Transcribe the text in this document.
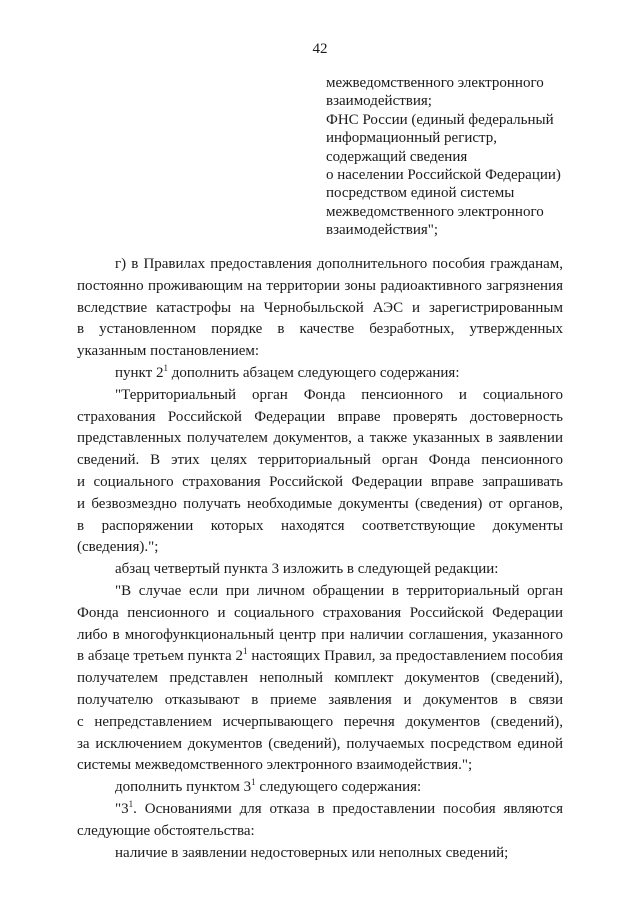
42
межведомственного электронного
взаимодействия;
ФНС России (единый федеральный
информационный регистр,
содержащий сведения
о населении Российской Федерации)
посредством единой системы
межведомственного электронного
взаимодействия";
г) в Правилах предоставления дополнительного пособия гражданам,
постоянно проживающим на территории зоны радиоактивного загрязнения
вследствие катастрофы на Чернобыльской АЭС и зарегистрированным
в установленном порядке в качестве безработных, утвержденных
указанным постановлением:
пункт $2^1$ дополнить абзацем следующего содержания:
"Территориальный орган Фонда пенсионного и социального
страхования Российской Федерации вправе проверять достоверность
представленных получателем документов, а также указанных в заявлении
сведений. В этих целях территориальный орган Фонда пенсионного
и социального страхования Российской Федерации вправе запрашивать
и безвозмездно получать необходимые документы (сведения) от органов,
в распоряжении которых находятся соответствующие документы
(сведения).";
абзац четвертый пункта 3 изложить в следующей редакции:
"В случае если при личном обращении в территориальный орган
Фонда пенсионного и социального страхования Российской Федерации
либо в многофункциональный центр при наличии соглашения, указанного
в абзаце третьем пункта $2^1$ настоящих Правил, за предоставлением пособия
получателем представлен неполный комплект документов (сведений),
получателю отказывают в приеме заявления и документов в связи
с непредставлением исчерпывающего перечня документов (сведений),
за исключением документов (сведений), получаемых посредством единой
системы межведомственного электронного взаимодействия.";
дополнить пунктом $3^1$ следующего содержания:
"$3^1$. Основаниями для отказа в предоставлении пособия являются
следующие обстоятельства:
наличие в заявлении недостоверных или неполных сведений;
